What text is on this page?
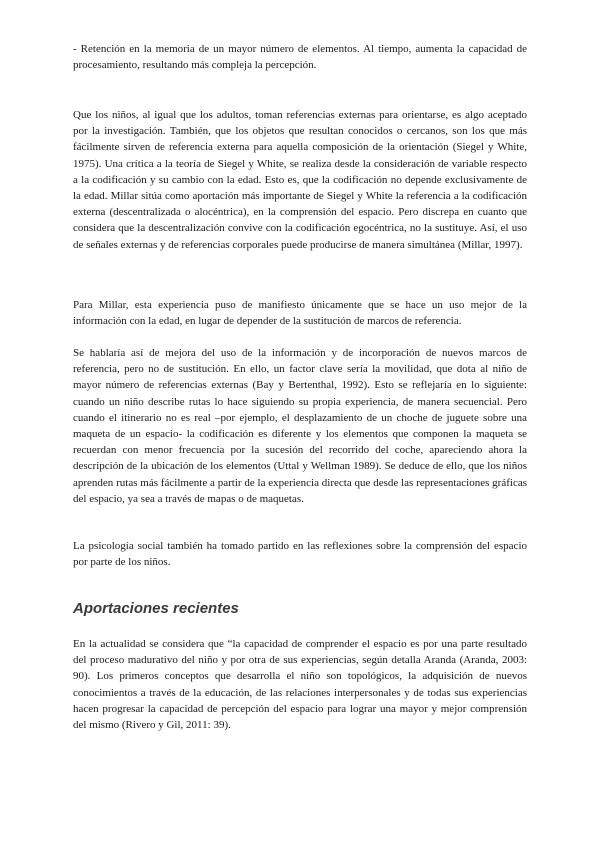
- Retención en la memoria de un mayor número de elementos. Al tiempo, aumenta la capacidad de procesamiento, resultando más compleja la percepción.

Que los niños, al igual que los adultos, toman referencias externas para orientarse, es algo aceptado por la investigación. También, que los objetos que resultan conocidos o cercanos, son los que más fácilmente sirven de referencia externa para aquella composición de la orientación (Siegel y White, 1975). Una crítica a la teoría de Siegel y White, se realiza desde la consideración de variable respecto a la codificación y su cambio con la edad. Esto es, que la codificación no depende exclusivamente de la edad. Millar sitúa como aportación más importante de Siegel y White la referencia a la codificación externa (descentralizada o alocéntrica), en la comprensión del espacio. Pero discrepa en cuanto que considera que la descentralización convive con la codificación egocéntrica, no la sustituye. Así, el uso de señales externas y de referencias corporales puede producirse de manera simultánea (Millar, 1997).

Para Millar, esta experiencia puso de manifiesto únicamente que se hace un uso mejor de la información con la edad, en lugar de depender de la sustitución de marcos de referencia.

Se hablaría así de mejora del uso de la información y de incorporación de nuevos marcos de referencia, pero no de sustitución. En ello, un factor clave sería la movilidad, que dota al niño de mayor número de referencias externas (Bay y Bertenthal, 1992). Esto se reflejaría en lo siguiente: cuando un niño describe rutas lo hace siguiendo su propia experiencia, de manera secuencial. Pero cuando el itinerario no es real –por ejemplo, el desplazamiento de un choche de juguete sobre una maqueta de un espacio- la codificación es diferente y los elementos que componen la maqueta se recuerdan con menor frecuencia por la sucesión del recorrido del coche, apareciendo ahora la descripción de la ubicación de los elementos (Uttal y Wellman 1989). Se deduce de ello, que los niños aprenden rutas más fácilmente a partir de la experiencia directa que desde las representaciones gráficas del espacio, ya sea a través de mapas o de maquetas.

La psicología social también ha tomado partido en las reflexiones sobre la comprensión del espacio por parte de los niños.

Aportaciones recientes

En la actualidad se considera que “la capacidad de comprender el espacio es por una parte resultado del proceso madurativo del niño y por otra de sus experiencias, según detalla Aranda (Aranda, 2003: 90). Los primeros conceptos que desarrolla el niño son topológicos, la adquisición de nuevos conocimientos a través de la educación, de las relaciones interpersonales y de todas sus experiencias hacen progresar la capacidad de percepción del espacio para lograr una mayor y mejor comprensión del mismo (Rivero y Gil, 2011: 39).
